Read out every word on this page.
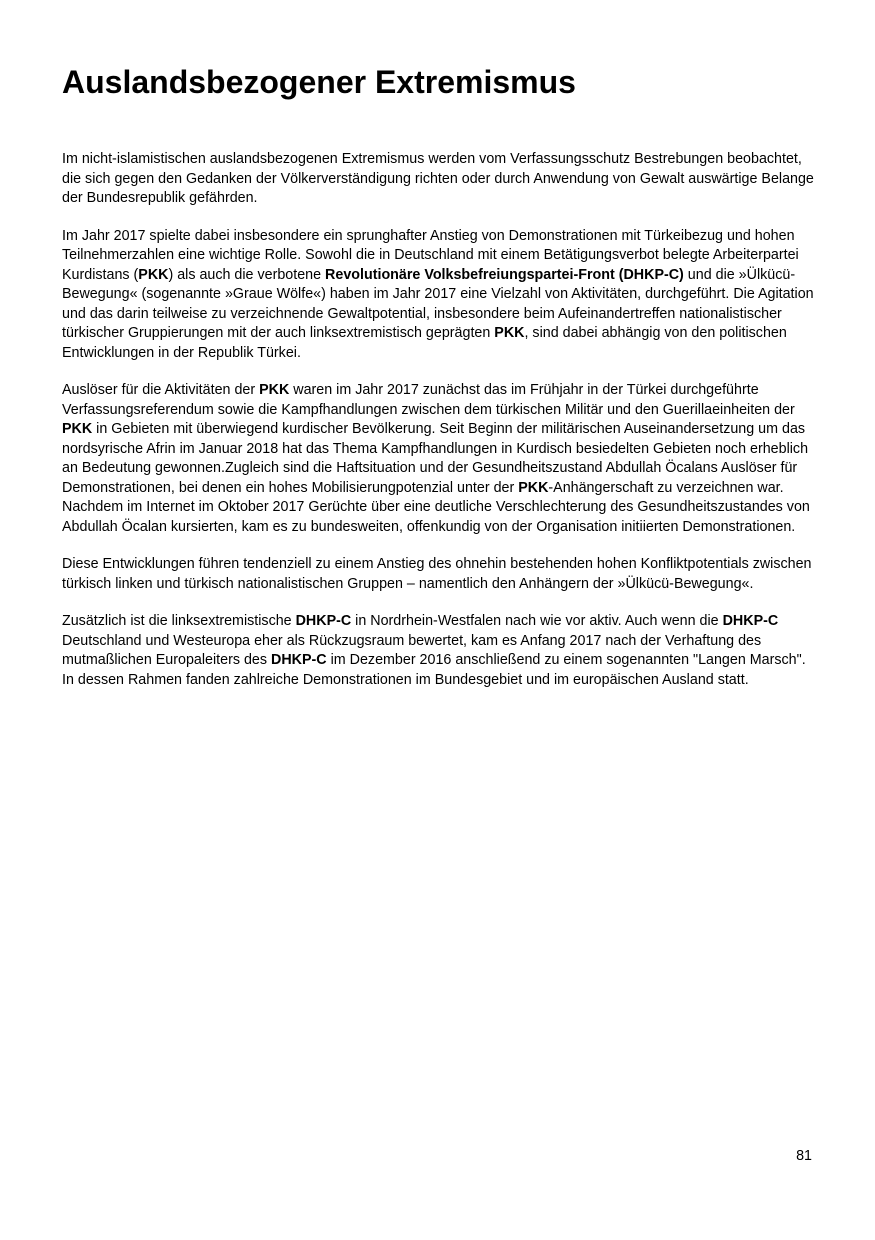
Auslandsbezogener Extremismus

Im nicht-islamistischen auslandsbezogenen Extremismus werden vom Verfassungsschutz Bestrebungen beobachtet, die sich gegen den Gedanken der Völkerverständigung richten oder durch Anwendung von Gewalt auswärtige Belange der Bundesrepublik gefährden.

Im Jahr 2017 spielte dabei insbesondere ein sprunghafter Anstieg von Demonstrationen mit Türkeibezug und hohen Teilnehmerzahlen eine wichtige Rolle. Sowohl die in Deutschland mit einem Betätigungsverbot belegte Arbeiterpartei Kurdistans (PKK) als auch die verbotene Revolutionäre Volksbefreiungspartei-Front (DHKP-C) und die »Ülkücü-Bewegung« (sogenannte »Graue Wölfe«) haben im Jahr 2017 eine Vielzahl von Aktivitäten, durchgeführt. Die Agitation und das darin teilweise zu verzeichnende Gewaltpotential, insbesondere beim Aufeinandertreffen nationalistischer türkischer Gruppierungen mit der auch linksextremistisch geprägten PKK, sind dabei abhängig von den politischen Entwicklungen in der Republik Türkei.

Auslöser für die Aktivitäten der PKK waren im Jahr 2017 zunächst das im Frühjahr in der Türkei durchgeführte Verfassungsreferendum sowie die Kampfhandlungen zwischen dem türkischen Militär und den Guerillaeinheiten der PKK in Gebieten mit überwiegend kurdischer Bevölkerung. Seit Beginn der militärischen Auseinandersetzung um das nordsyrische Afrin im Januar 2018 hat das Thema Kampfhandlungen in Kurdisch besiedelten Gebieten noch erheblich an Bedeutung gewonnen.Zugleich sind die Haftsituation und der Gesundheitszustand Abdullah Öcalans Auslöser für Demonstrationen, bei denen ein hohes Mobilisierungpotenzial unter der PKK-Anhängerschaft zu verzeichnen war. Nachdem im Internet im Oktober 2017 Gerüchte über eine deutliche Verschlechterung des Gesundheitszustandes von Abdullah Öcalan kursierten, kam es zu bundesweiten, offenkundig von der Organisation initiierten Demonstrationen.

Diese Entwicklungen führen tendenziell zu einem Anstieg des ohnehin bestehenden hohen Konfliktpotentials zwischen türkisch linken und türkisch nationalistischen Gruppen – namentlich den Anhängern der »Ülkücü-Bewegung«.

Zusätzlich ist die linksextremistische DHKP-C in Nordrhein-Westfalen nach wie vor aktiv. Auch wenn die DHKP-C Deutschland und Westeuropa eher als Rückzugsraum bewertet, kam es Anfang 2017 nach der Verhaftung des mutmaßlichen Europaleiters des DHKP-C im Dezember 2016 anschließend zu einem sogenannten "Langen Marsch". In dessen Rahmen fanden zahlreiche Demonstrationen im Bundesgebiet und im europäischen Ausland statt.

81
